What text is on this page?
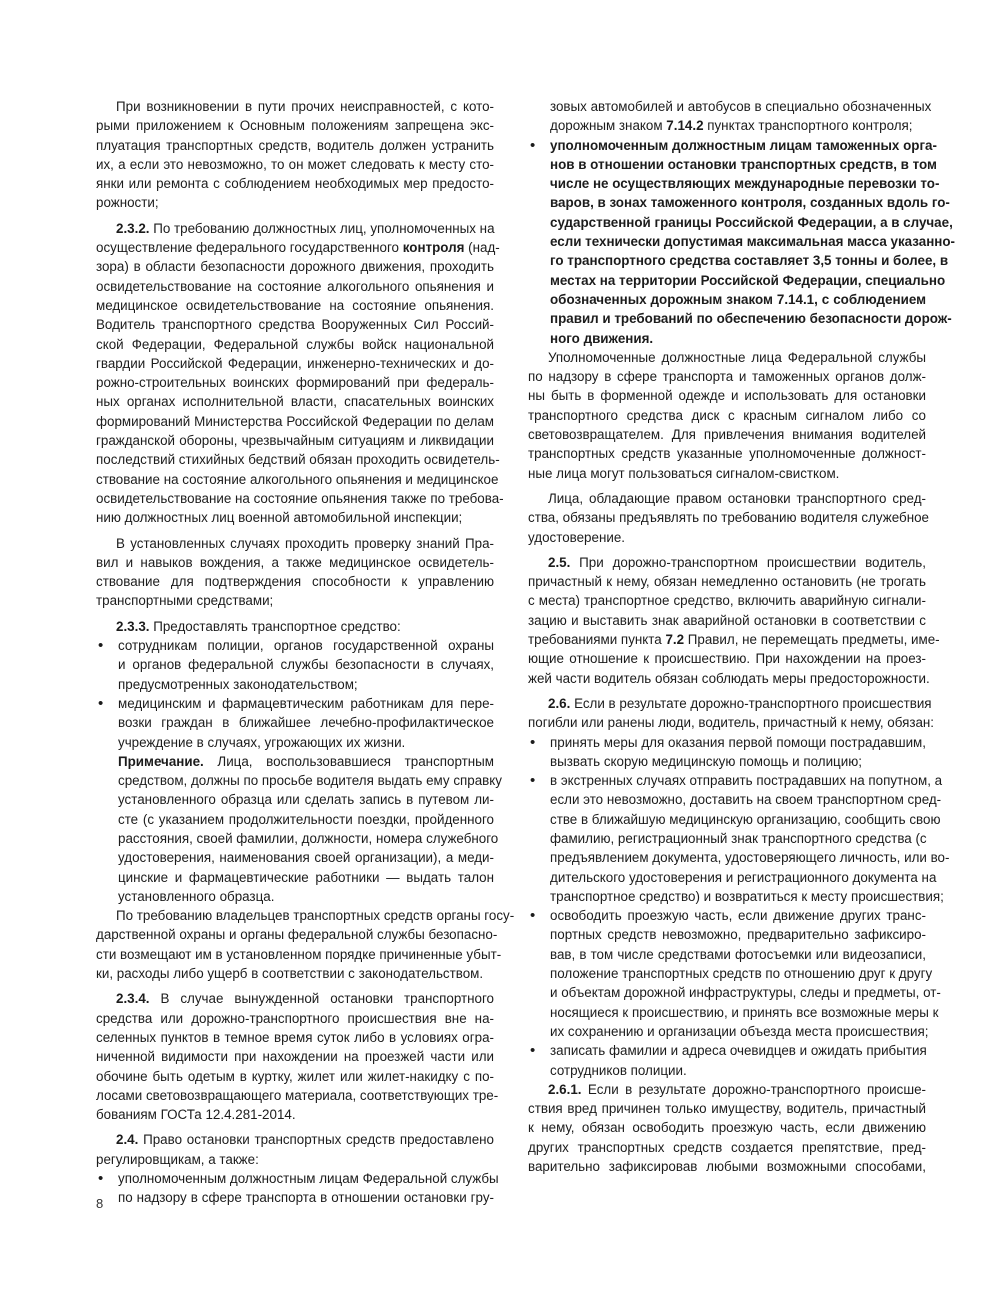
При возникновении в пути прочих неисправностей, с кото-
рыми приложением к Основным положениям запрещена экс-
плуатация транспортных средств, водитель должен устранить
их, а если это невозможно, то он может следовать к месту сто-
янки или ремонта с соблюдением необходимых мер предосто-
рожности;
2.3.2. По требованию должностных лиц, уполномоченных на
осуществление федерального государственного контроля (над-
зора) в области безопасности дорожного движения, проходить
освидетельствование на состояние алкогольного опьянения и
медицинское освидетельствование на состояние опьянения.
Водитель транспортного средства Вооруженных Сил Россий-
ской Федерации, Федеральной службы войск национальной
гвардии Российской Федерации, инженерно-технических и до-
рожно-строительных воинских формирований при федераль-
ных органах исполнительной власти, спасательных воинских
формирований Министерства Российской Федерации по делам
гражданской обороны, чрезвычайным ситуациям и ликвидации
последствий стихийных бедствий обязан проходить освидетель-
ствование на состояние алкогольного опьянения и медицинское
освидетельствование на состояние опьянения также по требова-
нию должностных лиц военной автомобильной инспекции;
В установленных случаях проходить проверку знаний Пра-
вил и навыков вождения, а также медицинское освидетель-
ствование для подтверждения способности к управлению
транспортными средствами;
2.3.3. Предоставлять транспортное средство:
• сотрудникам полиции, органов государственной охраны
и органов федеральной службы безопасности в случаях,
предусмотренных законодательством;
• медицинским и фармацевтическим работникам для пере-
возки граждан в ближайшее лечебно-профилактическое
учреждение в случаях, угрожающих их жизни.
Примечание. Лица, воспользовавшиеся транспортным
средством, должны по просьбе водителя выдать ему справку
установленного образца или сделать запись в путевом ли-
сте (с указанием продолжительности поездки, пройденного
расстояния, своей фамилии, должности, номера служебного
удостоверения, наименования своей организации), а меди-
цинские и фармацевтические работники — выдать талон
установленного образца.
По требованию владельцев транспортных средств органы госу-
дарственной охраны и органы федеральной службы безопасно-
сти возмещают им в установленном порядке причиненные убыт-
ки, расходы либо ущерб в соответствии с законодательством.
2.3.4. В случае вынужденной остановки транспортного
средства или дорожно-транспортного происшествия вне на-
селенных пунктов в темное время суток либо в условиях огра-
ниченной видимости при нахождении на проезжей части или
обочине быть одетым в куртку, жилет или жилет-накидку с по-
лосами световозвращающего материала, соответствующих тре-
бованиям ГОСТа 12.4.281-2014.
2.4. Право остановки транспортных средств предоставлено
регулировщикам, а также:
• уполномоченным должностным лицам Федеральной службы
по надзору в сфере транспорта в отношении остановки гру-
зовых автомобилей и автобусов в специально обозначенных
дорожным знаком 7.14.2 пунктах транспортного контроля;
• уполномоченным должностным лицам таможенных орга-
нов в отношении остановки транспортных средств, в том
числе не осуществляющих международные перевозки то-
варов, в зонах таможенного контроля, созданных вдоль го-
сударственной границы Российской Федерации, а в случае,
если технически допустимая максимальная масса указанно-
го транспортного средства составляет 3,5 тонны и более, в
местах на территории Российской Федерации, специально
обозначенных дорожным знаком 7.14.1, с соблюдением
правил и требований по обеспечению безопасности дорож-
ного движения.
Уполномоченные должностные лица Федеральной службы
по надзору в сфере транспорта и таможенных органов долж-
ны быть в форменной одежде и использовать для остановки
транспортного средства диск с красным сигналом либо со
световозвращателем. Для привлечения внимания водителей
транспортных средств указанные уполномоченные должност-
ные лица могут пользоваться сигналом-свистком.
Лица, обладающие правом остановки транспортного сред-
ства, обязаны предъявлять по требованию водителя служебное
удостоверение.
2.5. При дорожно-транспортном происшествии водитель,
причастный к нему, обязан немедленно остановить (не трогать
с места) транспортное средство, включить аварийную сигнали-
зацию и выставить знак аварийной остановки в соответствии с
требованиями пункта 7.2 Правил, не перемещать предметы, име-
ющие отношение к происшествию. При нахождении на проез-
жей части водитель обязан соблюдать меры предосторожности.
2.6. Если в результате дорожно-транспортного происшествия
погибли или ранены люди, водитель, причастный к нему, обязан:
• принять меры для оказания первой помощи пострадавшим,
вызвать скорую медицинскую помощь и полицию;
• в экстренных случаях отправить пострадавших на попутном, а
если это невозможно, доставить на своем транспортном сред-
стве в ближайшую медицинскую организацию, сообщить свою
фамилию, регистрационный знак транспортного средства (с
предъявлением документа, удостоверяющего личность, или во-
дительского удостоверения и регистрационного документа на
транспортное средство) и возвратиться к месту происшествия;
• освободить проезжую часть, если движение других транс-
портных средств невозможно, предварительно зафиксиро-
вав, в том числе средствами фотосъемки или видеозаписи,
положение транспортных средств по отношению друг к другу
и объектам дорожной инфраструктуры, следы и предметы, от-
носящиеся к происшествию, и принять все возможные меры к
их сохранению и организации объезда места происшествия;
• записать фамилии и адреса очевидцев и ожидать прибытия
сотрудников полиции.
2.6.1. Если в результате дорожно-транспортного происше-
ствия вред причинен только имуществу, водитель, причастный
к нему, обязан освободить проезжую часть, если движению
других транспортных средств создается препятствие, пред-
варительно зафиксировав любыми возможными способами,
8
